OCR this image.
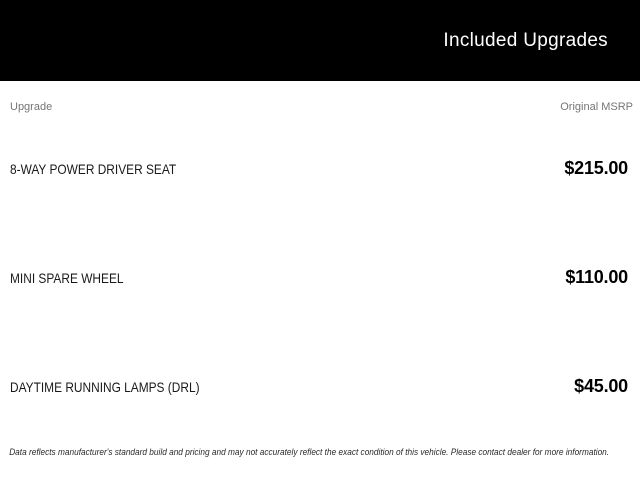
Included Upgrades
Upgrade	Original MSRP
8-WAY POWER DRIVER SEAT	$215.00
MINI SPARE WHEEL	$110.00
DAYTIME RUNNING LAMPS (DRL)	$45.00

Data reflects manufacturer's standard build and pricing and may not accurately reflect the exact condition of this vehicle. Please contact dealer for more information.
